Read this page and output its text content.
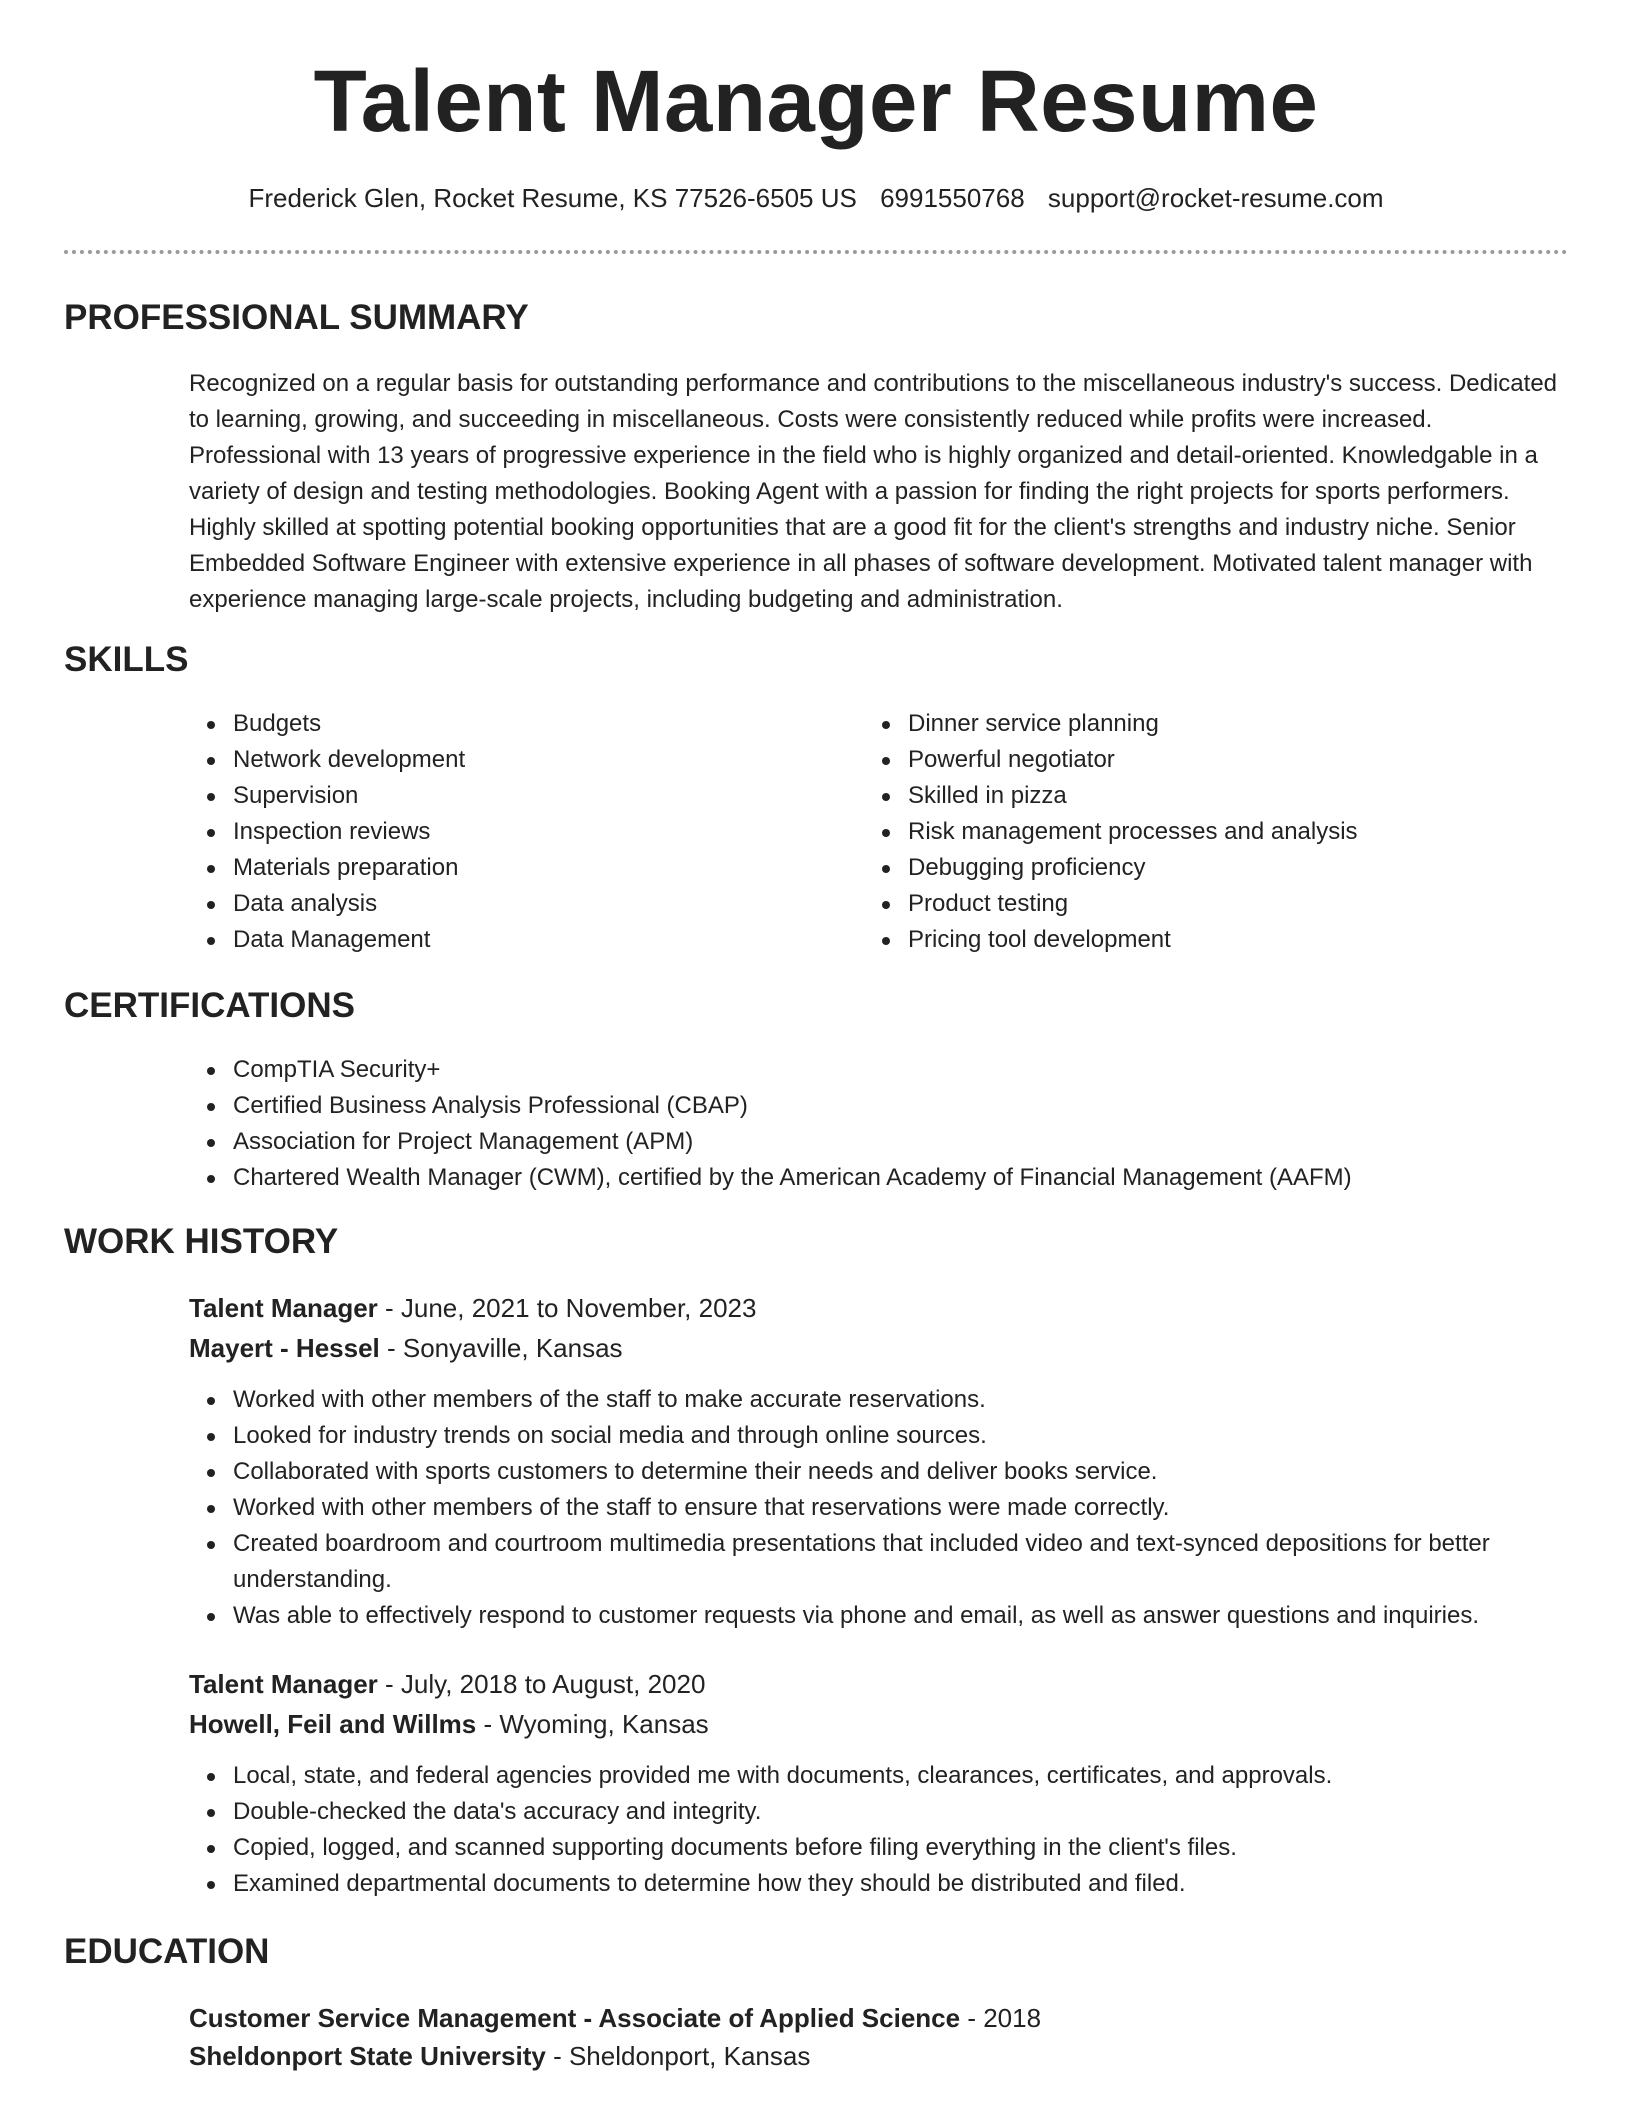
Talent Manager Resume
Frederick Glen, Rocket Resume, KS 77526-6505 US 6991550768 support@rocket-resume.com
PROFESSIONAL SUMMARY

Recognized on a regular basis for outstanding performance and contributions to the miscellaneous industry's success. Dedicated to learning, growing, and succeeding in miscellaneous. Costs were consistently reduced while profits were increased. Professional with 13 years of progressive experience in the field who is highly organized and detail-oriented. Knowledgable in a variety of design and testing methodologies. Booking Agent with a passion for finding the right projects for sports performers. Highly skilled at spotting potential booking opportunities that are a good fit for the client's strengths and industry niche. Senior Embedded Software Engineer with extensive experience in all phases of software development. Motivated talent manager with experience managing large-scale projects, including budgeting and administration.

SKILLS
Budgets
Network development
Supervision
Inspection reviews
Materials preparation
Data analysis
Data Management
Dinner service planning
Powerful negotiator
Skilled in pizza
Risk management processes and analysis
Debugging proficiency
Product testing
Pricing tool development
CERTIFICATIONS
CompTIA Security+
Certified Business Analysis Professional (CBAP)
Association for Project Management (APM)
Chartered Wealth Manager (CWM), certified by the American Academy of Financial Management (AAFM)
WORK HISTORY
Talent Manager - June, 2021 to November, 2023
Mayert - Hessel - Sonyaville, Kansas
Worked with other members of the staff to make accurate reservations.
Looked for industry trends on social media and through online sources.
Collaborated with sports customers to determine their needs and deliver books service.
Worked with other members of the staff to ensure that reservations were made correctly.
Created boardroom and courtroom multimedia presentations that included video and text-synced depositions for better understanding.
Was able to effectively respond to customer requests via phone and email, as well as answer questions and inquiries.
Talent Manager - July, 2018 to August, 2020
Howell, Feil and Willms - Wyoming, Kansas
Local, state, and federal agencies provided me with documents, clearances, certificates, and approvals.
Double-checked the data's accuracy and integrity.
Copied, logged, and scanned supporting documents before filing everything in the client's files.
Examined departmental documents to determine how they should be distributed and filed.
EDUCATION
Customer Service Management - Associate of Applied Science - 2018
Sheldonport State University - Sheldonport, Kansas
